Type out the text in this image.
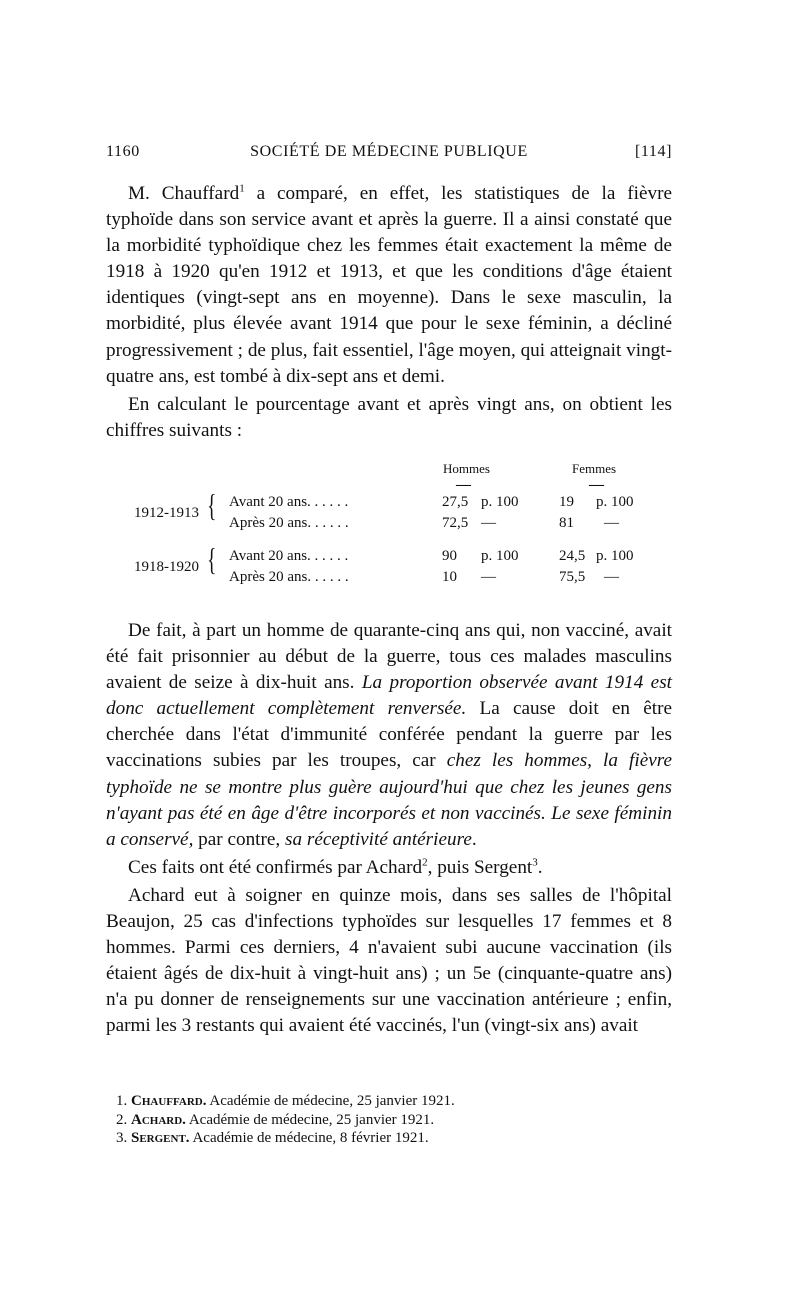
1160	SOCIÉTÉ DE MÉDECINE PUBLIQUE	[114]

M. Chauffard$^1$ a comparé, en effet, les statistiques de la fièvre typhoïde dans son service avant et après la guerre. Il a ainsi constaté que la morbidité typhoïdique chez les femmes était exactement la même de 1918 à 1920 qu'en 1912 et 1913, et que les conditions d'âge étaient identiques (vingt-sept ans en moyenne). Dans le sexe masculin, la morbidité, plus élevée avant 1914 que pour le sexe féminin, a décliné progressivement ; de plus, fait essentiel, l'âge moyen, qui atteignait vingt-quatre ans, est tombé à dix-sept ans et demi.

En calculant le pourcentage avant et après vingt ans, on obtient les chiffres suivants :

Hommes	Femmes
—	—
1912-1913 { Avant 20 ans. . . . . .	27,5 p. 100	19 p. 100
Après 20 ans. . . . . .	72,5 —	81 —
1918-1920 { Avant 20 ans. . . . . .	90 p. 100	24,5 p. 100
Après 20 ans. . . . . .	10 —	75,5 —

De fait, à part un homme de quarante-cinq ans qui, non vacciné, avait été fait prisonnier au début de la guerre, tous ces malades masculins avaient de seize à dix-huit ans. La proportion observée avant 1914 est donc actuellement complètement renversée. La cause doit en être cherchée dans l'état d'immunité conférée pendant la guerre par les vaccinations subies par les troupes, car chez les hommes, la fièvre typhoïde ne se montre plus guère aujourd'hui que chez les jeunes gens n'ayant pas été en âge d'être incorporés et non vaccinés. Le sexe féminin a conservé, par contre, sa réceptivité antérieure.

Ces faits ont été confirmés par Achard$^2$, puis Sergent$^3$.

Achard eut à soigner en quinze mois, dans ses salles de l'hôpital Beaujon, 25 cas d'infections typhoïdes sur lesquelles 17 femmes et 8 hommes. Parmi ces derniers, 4 n'avaient subi aucune vaccination (ils étaient âgés de dix-huit à vingt-huit ans) ; un 5e (cinquante-quatre ans) n'a pu donner de renseignements sur une vaccination antérieure ; enfin, parmi les 3 restants qui avaient été vaccinés, l'un (vingt-six ans) avait

1. Chauffard. Académie de médecine, 25 janvier 1921.
2. Achard. Académie de médecine, 25 janvier 1921.
3. Sergent. Académie de médecine, 8 février 1921.
